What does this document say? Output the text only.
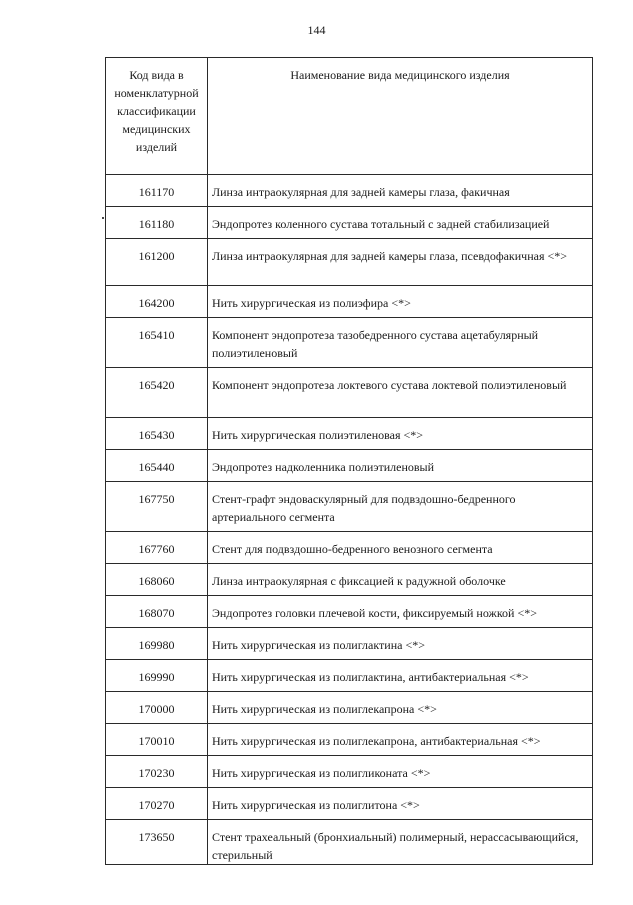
144
Код вида в номенклатурной классификации медицинских изделий	Наименование вида медицинского изделия
161170	Линза интраокулярная для задней камеры глаза, факичная
161180	Эндопротез коленного сустава тотальный с задней стабилизацией
161200	Линза интраокулярная для задней камеры глаза, псевдофакичная <*>
164200	Нить хирургическая из полиэфира <*>
165410	Компонент эндопротеза тазобедренного сустава ацетабулярный полиэтиленовый
165420	Компонент эндопротеза локтевого сустава локтевой полиэтиленовый
165430	Нить хирургическая полиэтиленовая <*>
165440	Эндопротез надколенника полиэтиленовый
167750	Стент-графт эндоваскулярный для подвздошно-бедренного артериального сегмента
167760	Стент для подвздошно-бедренного венозного сегмента
168060	Линза интраокулярная с фиксацией к радужной оболочке
168070	Эндопротез головки плечевой кости, фиксируемый ножкой <*>
169980	Нить хирургическая из полиглактина <*>
169990	Нить хирургическая из полиглактина, антибактериальная <*>
170000	Нить хирургическая из полиглекапрона <*>
170010	Нить хирургическая из полиглекапрона, антибактериальная <*>
170230	Нить хирургическая из полигликоната <*>
170270	Нить хирургическая из полиглитона <*>
173650	Стент трахеальный (бронхиальный) полимерный, нерассасывающийся, стерильный
